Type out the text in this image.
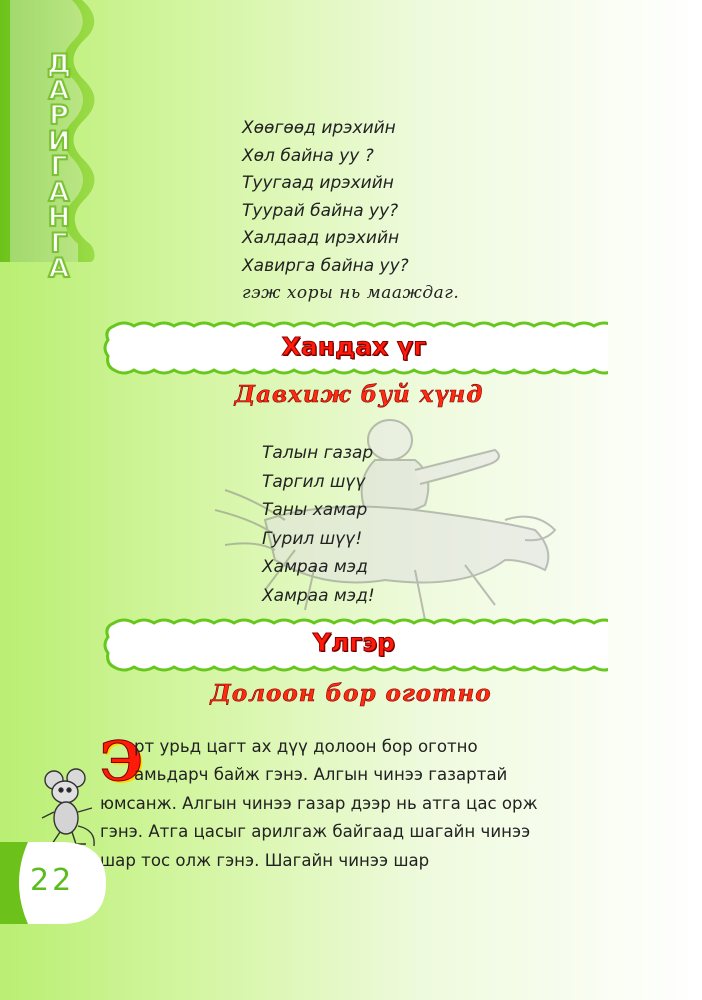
Д
А
Р
И
Г
А
Н
Г
А
Хөөгөөд ирэхийн
Хөл байна уу ?
Туугаад ирэхийн
Туурай байна уу?
Халдаад ирэхийн
Хавирга байна уу?
гэж хоры нь мааждаг.
Хандах үг
Давхиж буй хүнд
Талын газар
Таргил шүү
Таны хамар
Гурил шүү!
Хамраа мэд
Хамраа мэд!
Үлгэр
Долоон бор оготно
Э
рт урьд цагт ах дүү долоон бор оготно
амьдарч байж гэнэ. Алгын чинээ газартай
юмсанж. Алгын чинээ газар дээр нь атга цас орж
гэнэ. Атга цасыг арилгаж байгаад шагайн чинээ
шар тос олж гэнэ. Шагайн чинээ шар
22
